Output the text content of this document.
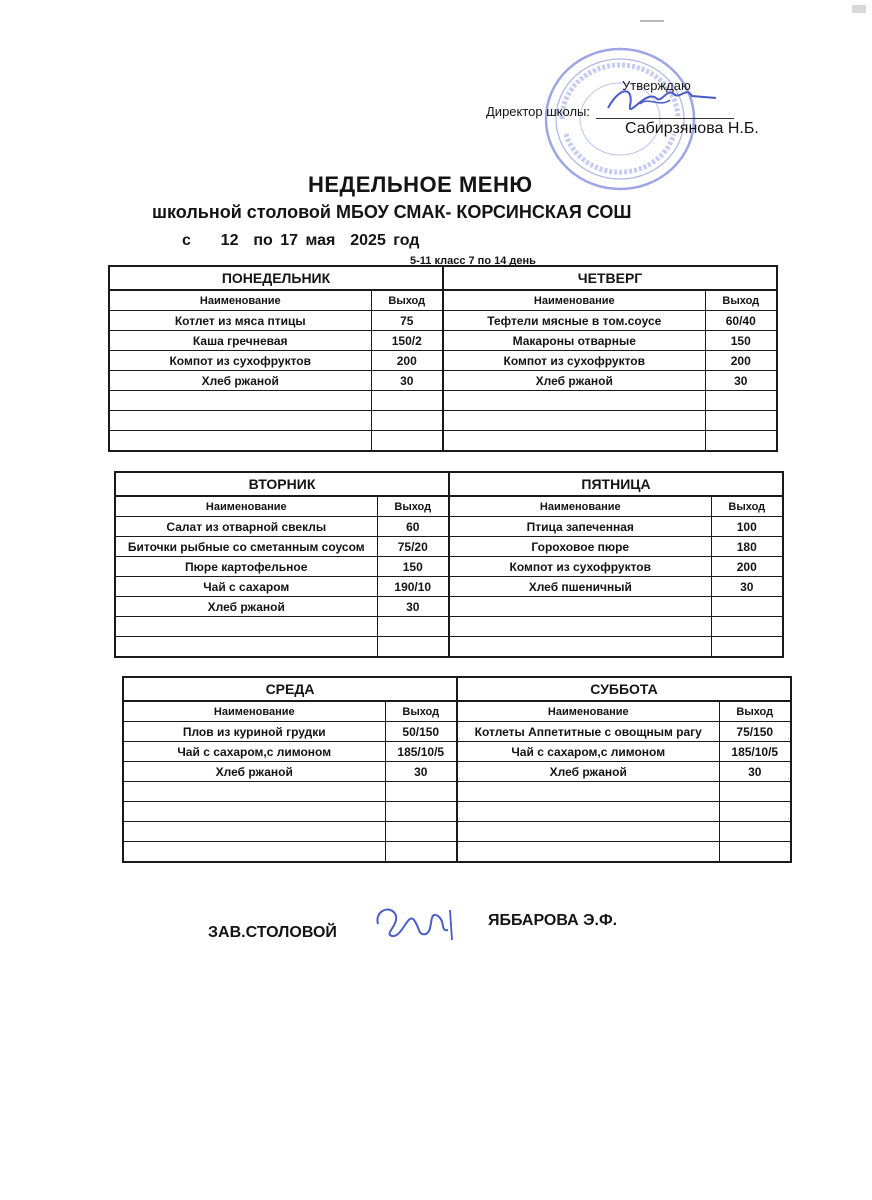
Утверждаю
Директор школы:
Сабирзянова Н.Б.
НЕДЕЛЬНОЕ МЕНЮ
школьной столовой МБОУ СМАК- КОРСИНСКАЯ СОШ
с    12  по 17 мая  2025 год
5-11 класс 7 по 14 день
ПОНЕДЕЛЬНИК		ЧЕТВЕРГ	
Наименование	Выход	Наименование	Выход
Котлет из мяса птицы	75	Тефтели мясные в том.соусе	60/40
Каша гречневая	150/2	Макароны отварные	150
Компот из сухофруктов	200	Компот из сухофруктов	200
Хлеб ржаной	30	Хлеб ржаной	30

ВТОРНИК		ПЯТНИЦА	
Наименование	Выход	Наименование	Выход
Салат из отварной свеклы	60	Птица запеченная	100
Биточки рыбные со сметанным соусом	75/20	Гороховое пюре	180
Пюре картофельное	150	Компот из сухофруктов	200
Чай с сахаром	190/10	Хлеб пшеничный	30
Хлеб ржаной	30		

СРЕДА		СУББОТА	
Наименование	Выход	Наименование	Выход
Плов из куриной грудки	50/150	Котлеты Аппетитные с овощным рагу	75/150
Чай с сахаром,с лимоном	185/10/5	Чай с сахаром,с лимоном	185/10/5
Хлеб ржаной	30	Хлеб ржаной	30

ЗАВ.СТОЛОВОЙ
ЯББАРОВА Э.Ф.
